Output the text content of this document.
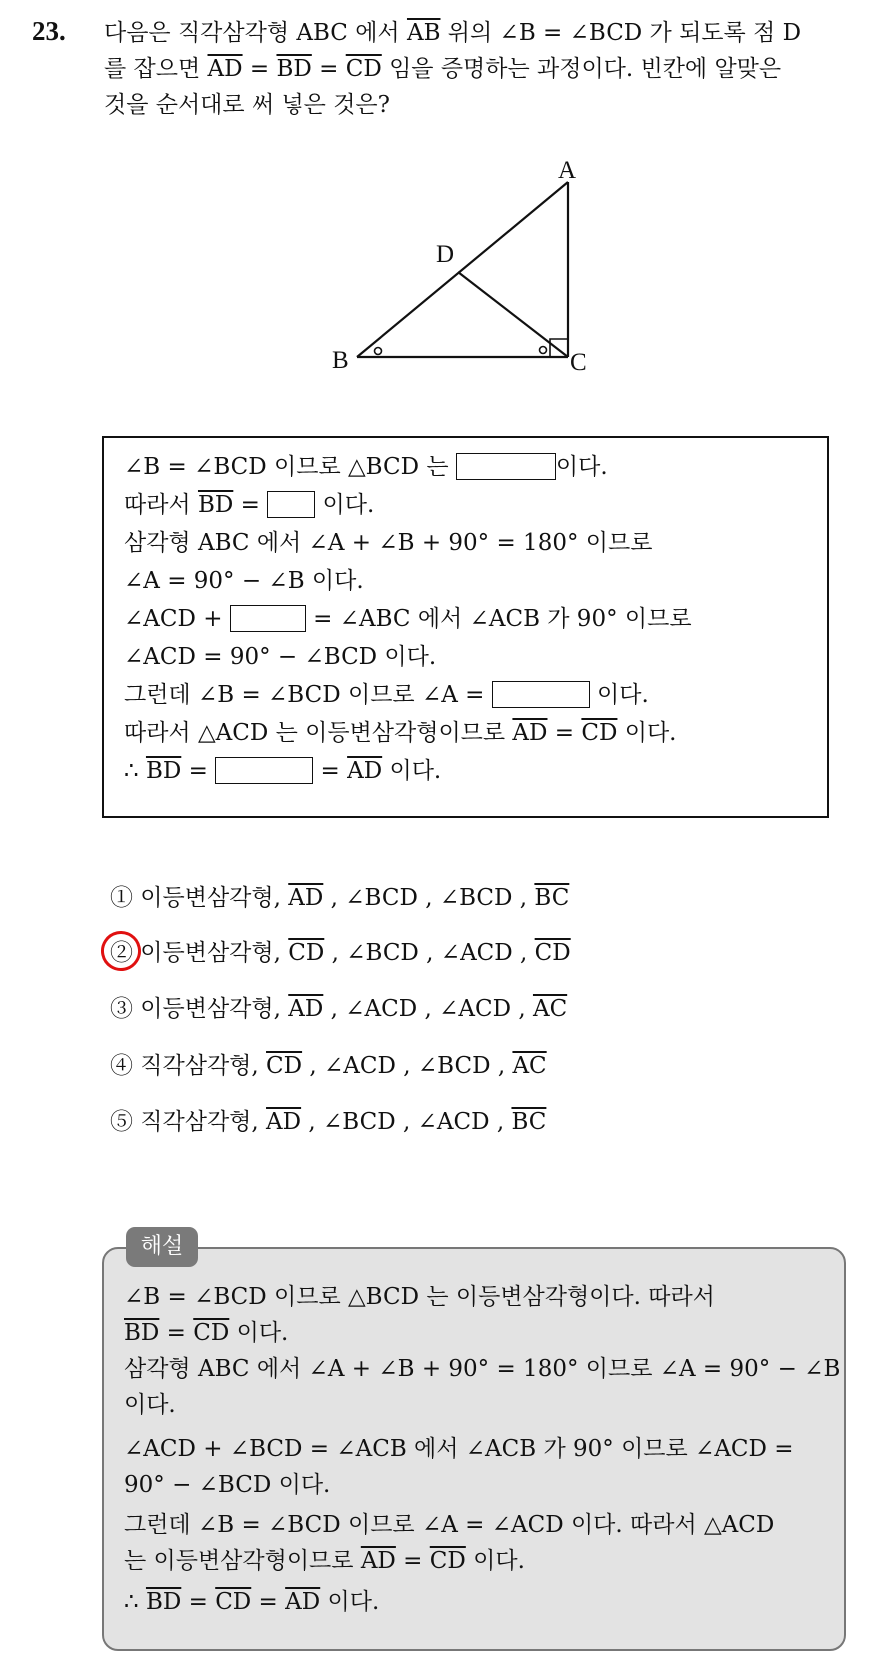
23. 다음은 직각삼각형 ABC 에서 $\overline{AB}$ 위의 ∠B = ∠BCD 가 되도록 점 D
를 잡으면 $\overline{AD} = \overline{BD} = \overline{CD}$ 임을 증명하는 과정이다. 빈칸에 알맞은
것을 순서대로 써 넣은 것은?
A
B	C
D
∠B = ∠BCD 이므로 △BCD 는	이다.
따라서 $\overline{BD}$ =  이다.
삼각형 ABC 에서 ∠A + ∠B + 90° = 180° 이므로
∠A = 90° − ∠B 이다.
∠ACD +	= ∠ABC 에서 ∠ACB 가 90° 이므로
∠ACD = 90° − ∠BCD 이다.
그런데 ∠B = ∠BCD 이므로 ∠A =	이다.
따라서 △ACD 는 이등변삼각형이므로 $\overline{AD} = \overline{CD}$ 이다.
∴ $\overline{BD}$ =	= $\overline{AD}$ 이다.
① 이등변삼각형, $\overline{AD}$ , ∠BCD , ∠BCD , $\overline{BC}$
② 이등변삼각형, $\overline{CD}$ , ∠BCD , ∠ACD , $\overline{CD}$
③ 이등변삼각형, $\overline{AD}$ , ∠ACD , ∠ACD , $\overline{AC}$
④ 직각삼각형, $\overline{CD}$ , ∠ACD , ∠BCD , $\overline{AC}$
⑤ 직각삼각형, $\overline{AD}$ , ∠BCD , ∠ACD , $\overline{BC}$
해설
∠B = ∠BCD 이므로 △BCD 는 이등변삼각형이다. 따라서
$\overline{BD} = \overline{CD}$ 이다.
삼각형 ABC 에서 ∠A + ∠B + 90° = 180° 이므로 ∠A = 90° − ∠B
이다.
∠ACD + ∠BCD = ∠ACB 에서 ∠ACB 가 90° 이므로 ∠ACD =
90° − ∠BCD 이다.
그런데 ∠B = ∠BCD 이므로 ∠A = ∠ACD 이다. 따라서 △ACD
는 이등변삼각형이므로 $\overline{AD} = \overline{CD}$ 이다.
∴ $\overline{BD} = \overline{CD} = \overline{AD}$ 이다.
